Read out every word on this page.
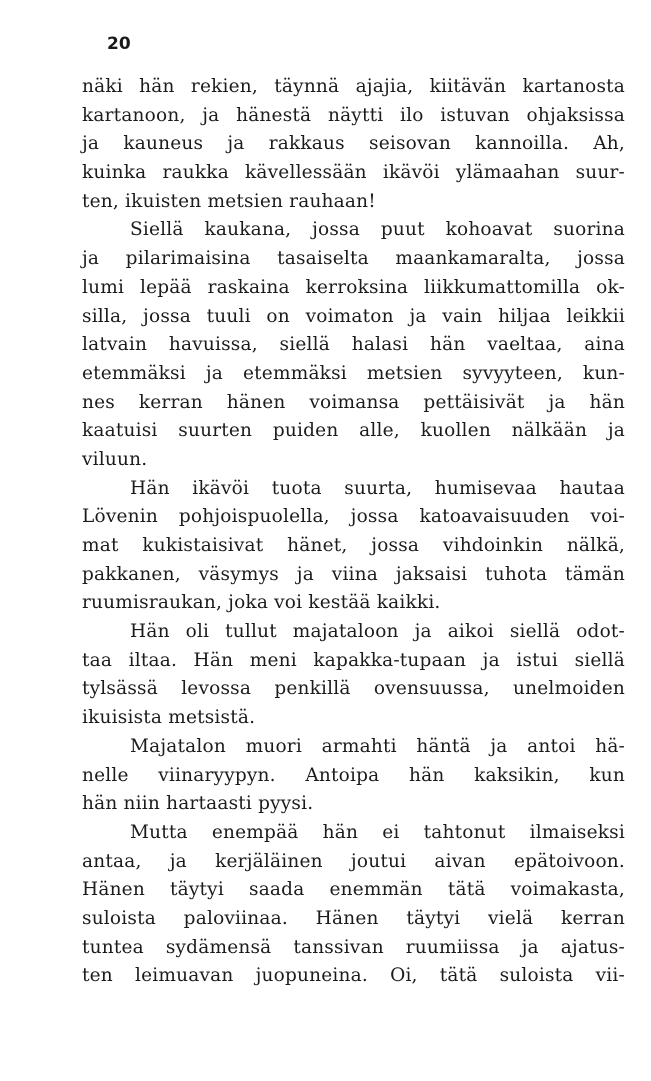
20
näki hän rekien, täynnä ajajia, kiitävän kartanosta
kartanoon, ja hänestä näytti ilo istuvan ohjaksissa
ja kauneus ja rakkaus seisovan kannoilla. Ah,
kuinka raukka kävellessään ikävöi ylämaahan suur-
ten, ikuisten metsien rauhaan!
Siellä kaukana, jossa puut kohoavat suorina
ja pilarimaisina tasaiselta maankamaralta, jossa
lumi lepää raskaina kerroksina liikkumattomilla ok-
silla, jossa tuuli on voimaton ja vain hiljaa leikkii
latvain havuissa, siellä halasi hän vaeltaa, aina
etemmäksi ja etemmäksi metsien syvyyteen, kun-
nes kerran hänen voimansa pettäisivät ja hän
kaatuisi suurten puiden alle, kuollen nälkään ja
viluun.
Hän ikävöi tuota suurta, humisevaa hautaa
Lövenin pohjoispuolella, jossa katoavaisuuden voi-
mat kukistaisivat hänet, jossa vihdoinkin nälkä,
pakkanen, väsymys ja viina jaksaisi tuhota tämän
ruumisraukan, joka voi kestää kaikki.
Hän oli tullut majataloon ja aikoi siellä odot-
taa iltaa. Hän meni kapakka-tupaan ja istui siellä
tylsässä levossa penkillä ovensuussa, unelmoiden
ikuisista metsistä.
Majatalon muori armahti häntä ja antoi hä-
nelle viinaryypyn. Antoipa hän kaksikin, kun
hän niin hartaasti pyysi.
Mutta enempää hän ei tahtonut ilmaiseksi
antaa, ja kerjäläinen joutui aivan epätoivoon.
Hänen täytyi saada enemmän tätä voimakasta,
suloista paloviinaa. Hänen täytyi vielä kerran
tuntea sydämensä tanssivan ruumiissa ja ajatus-
ten leimuavan juopuneina. Oi, tätä suloista vii-
